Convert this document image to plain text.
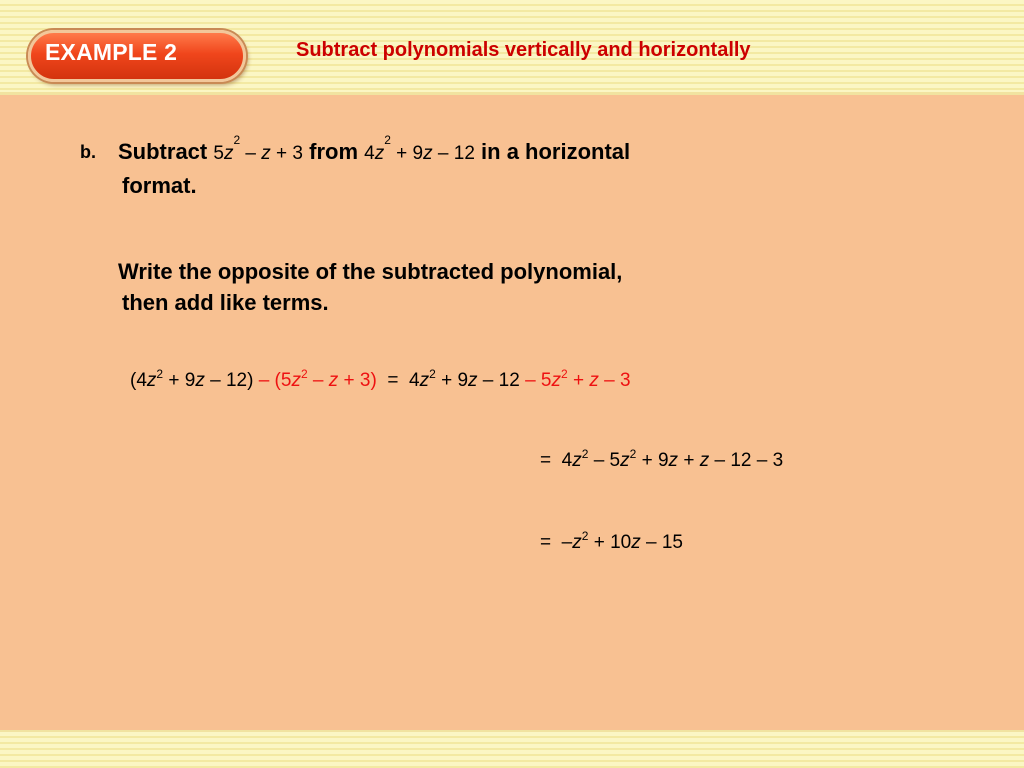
EXAMPLE 2	Subtract polynomials vertically and horizontally
b. Subtract $5z^2 - z + 3$ from $4z^2 + 9z - 12$ in a horizontal
format.
Write the opposite of the subtracted polynomial,
then add like terms.
$(4z^2 + 9z - 12) - (5z^2 - z + 3) = 4z^2 + 9z - 12 - 5z^2 + z - 3$
=  $4z^2 - 5z^2 + 9z + z - 12 - 3$
=  $-z^2 + 10z - 15$
